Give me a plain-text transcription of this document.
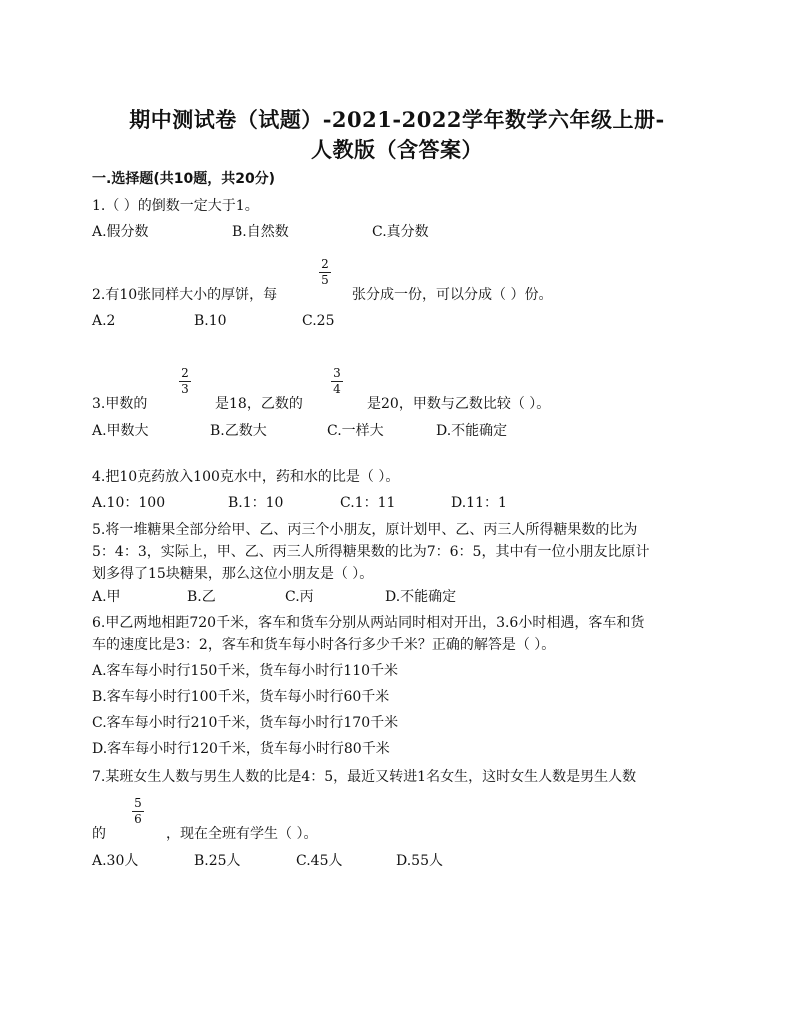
期中测试卷（试题）-2021-2022学年数学六年级上册-
人教版（含答案）
一.选择题(共10题，共20分)
1.（ ）的倒数一定大于1。
A.假分数	B.自然数	C.真分数
2.有10张同样大小的厚饼，每
2
5
张分成一份，可以分成（ ）份。
A.2	B.10	C.25
3.甲数的
2
3
是18，乙数的
3
4
是20，甲数与乙数比较（ ）。
A.甲数大	B.乙数大	C.一样大	D.不能确定
4.把10克药放入100克水中，药和水的比是（ ）。
A.10：100	B.1：10	C.1：11	D.11：1
5.将一堆糖果全部分给甲、乙、丙三个小朋友，原计划甲、乙、丙三人所得糖果数的比为
5：4：3，实际上，甲、乙、丙三人所得糖果数的比为7：6：5，其中有一位小朋友比原计
划多得了15块糖果，那么这位小朋友是（ ）。
A.甲	B.乙	C.丙	D.不能确定
6.甲乙两地相距720千米，客车和货车分别从两站同时相对开出，3.6小时相遇，客车和货
车的速度比是3：2，客车和货车每小时各行多少千米？正确的解答是（ ）。
A.客车每小时行150千米，货车每小时行110千米
B.客车每小时行100千米，货车每小时行60千米
C.客车每小时行210千米，货车每小时行170千米
D.客车每小时行120千米，货车每小时行80千米
7.某班女生人数与男生人数的比是4：5，最近又转进1名女生，这时女生人数是男生人数
5
6
的	，现在全班有学生（ ）。
A.30人	B.25人	C.45人	D.55人
